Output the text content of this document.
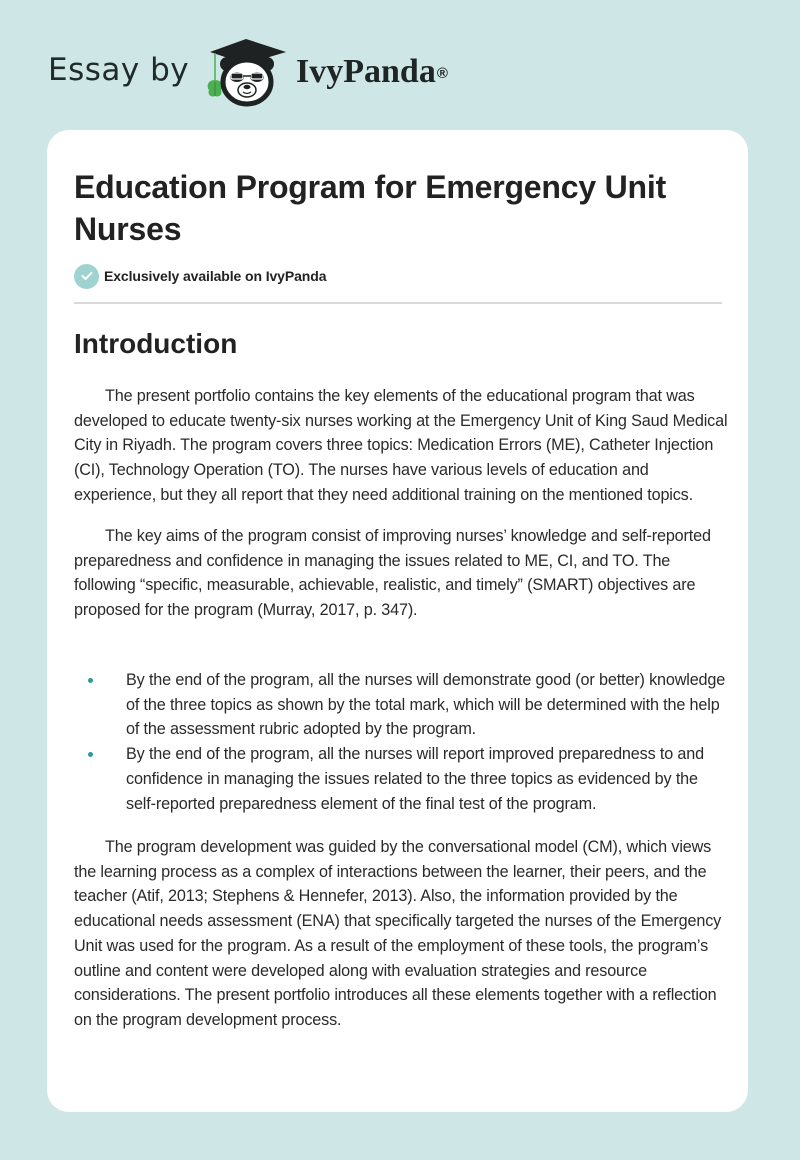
Essay by	IvyPanda®
Education Program for Emergency Unit Nurses
Exclusively available on IvyPanda
Introduction

The present portfolio contains the key elements of the educational program that was developed to educate twenty-six nurses working at the Emergency Unit of King Saud Medical City in Riyadh. The program covers three topics: Medication Errors (ME), Catheter Injection (CI), Technology Operation (TO). The nurses have various levels of education and experience, but they all report that they need additional training on the mentioned topics.

The key aims of the program consist of improving nurses’ knowledge and self-reported preparedness and confidence in managing the issues related to ME, CI, and TO. The following “specific, measurable, achievable, realistic, and timely” (SMART) objectives are proposed for the program (Murray, 2017, p. 347).

By the end of the program, all the nurses will demonstrate good (or better) knowledge of the three topics as shown by the total mark, which will be determined with the help of the assessment rubric adopted by the program.
By the end of the program, all the nurses will report improved preparedness to and confidence in managing the issues related to the three topics as evidenced by the self-reported preparedness element of the final test of the program.

The program development was guided by the conversational model (CM), which views the learning process as a complex of interactions between the learner, their peers, and the teacher (Atif, 2013; Stephens & Hennefer, 2013). Also, the information provided by the educational needs assessment (ENA) that specifically targeted the nurses of the Emergency Unit was used for the program. As a result of the employment of these tools, the program’s outline and content were developed along with evaluation strategies and resource considerations. The present portfolio introduces all these elements together with a reflection on the program development process.
